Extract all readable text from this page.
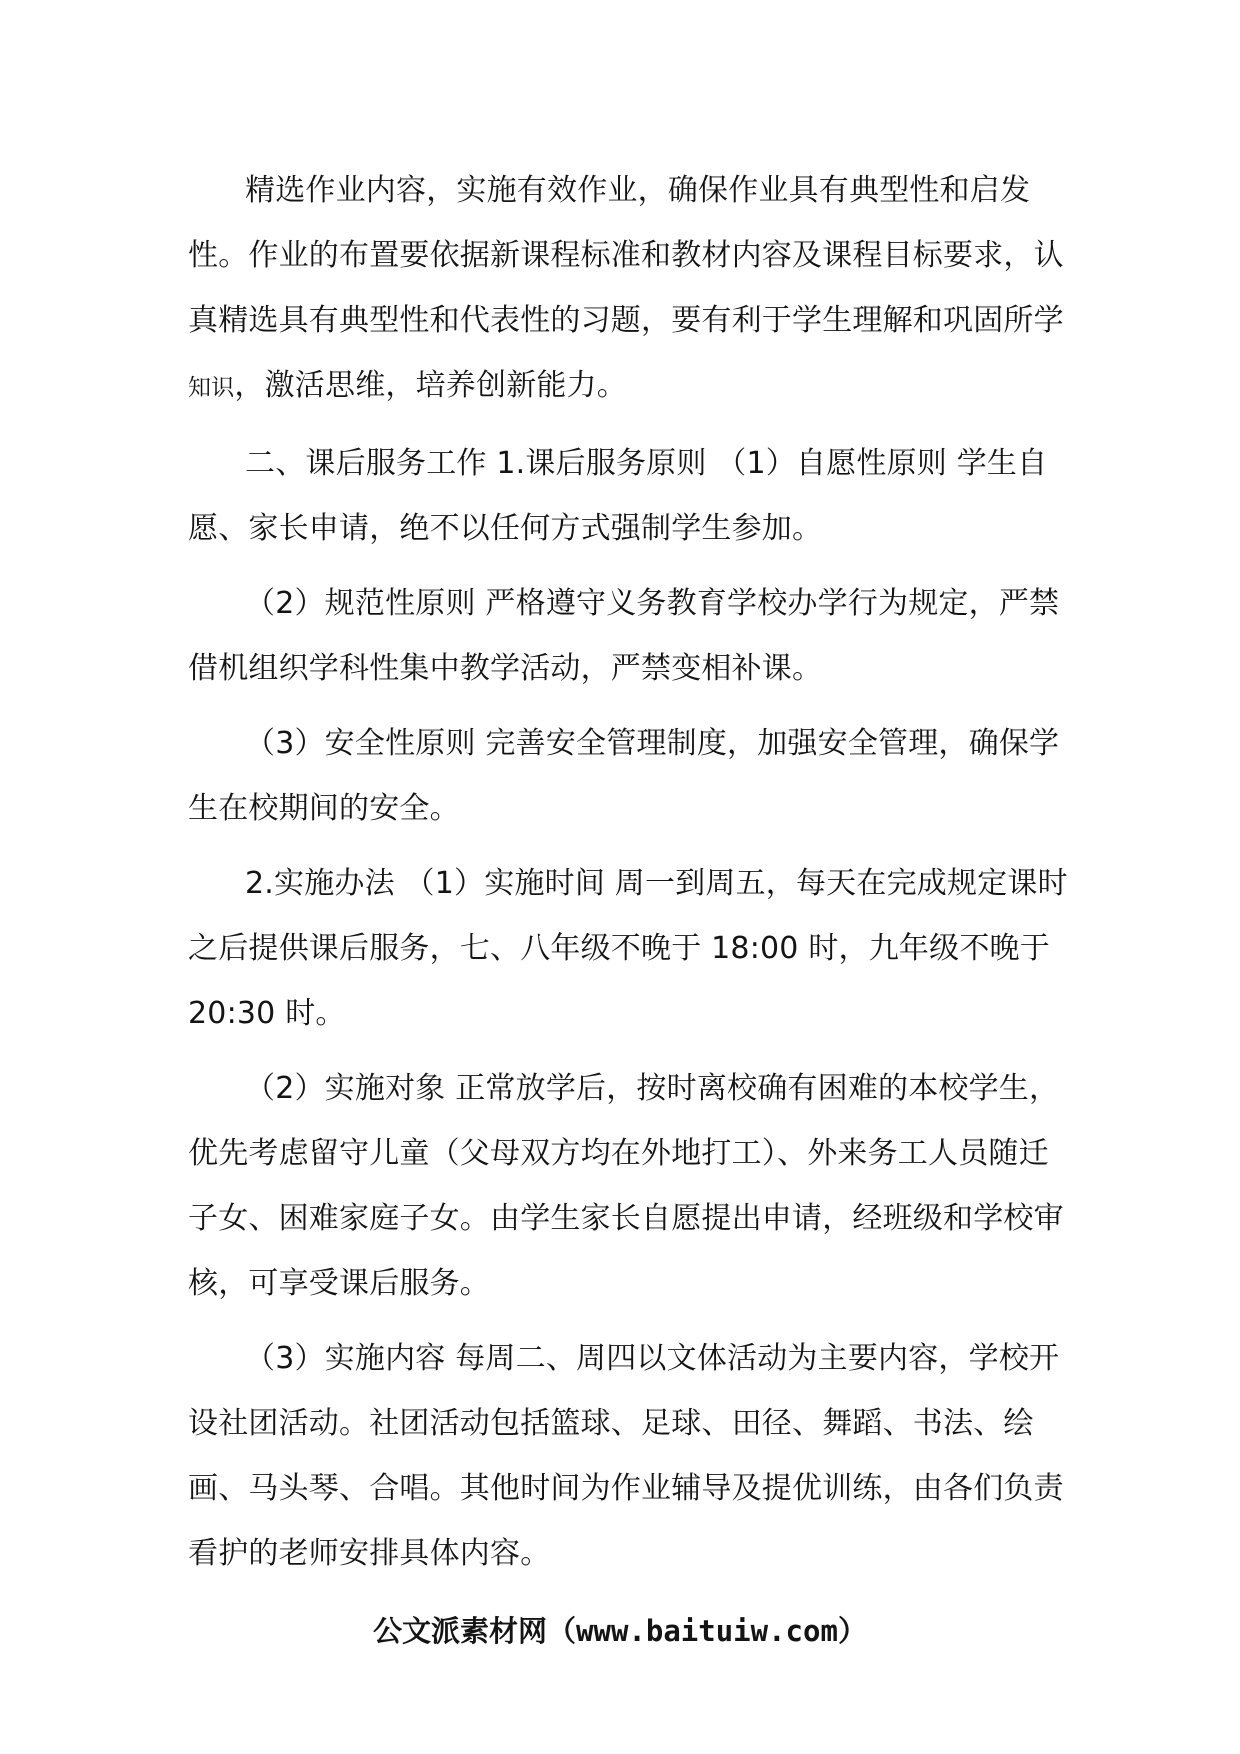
精选作业内容，实施有效作业，确保作业具有典型性和启发性。作业的布置要依据新课程标准和教材内容及课程目标要求，认真精选具有典型性和代表性的习题，要有利于学生理解和巩固所学知识，激活思维，培养创新能力。

二、课后服务工作 1.课后服务原则 （1）自愿性原则 学生自愿、家长申请，绝不以任何方式强制学生参加。

（2）规范性原则 严格遵守义务教育学校办学行为规定，严禁借机组织学科性集中教学活动，严禁变相补课。

（3）安全性原则 完善安全管理制度，加强安全管理，确保学生在校期间的安全。

2.实施办法 （1）实施时间 周一到周五，每天在完成规定课时之后提供课后服务，七、八年级不晚于 18:00 时，九年级不晚于 20:30 时。

（2）实施对象 正常放学后，按时离校确有困难的本校学生，优先考虑留守儿童（父母双方均在外地打工）、外来务工人员随迁子女、困难家庭子女。由学生家长自愿提出申请，经班级和学校审核，可享受课后服务。

（3）实施内容 每周二、周四以文体活动为主要内容，学校开设社团活动。社团活动包括篮球、足球、田径、舞蹈、书法、绘画、马头琴、合唱。其他时间为作业辅导及提优训练，由各们负责看护的老师安排具体内容。

公文派素材网（www.baituiw.com）
